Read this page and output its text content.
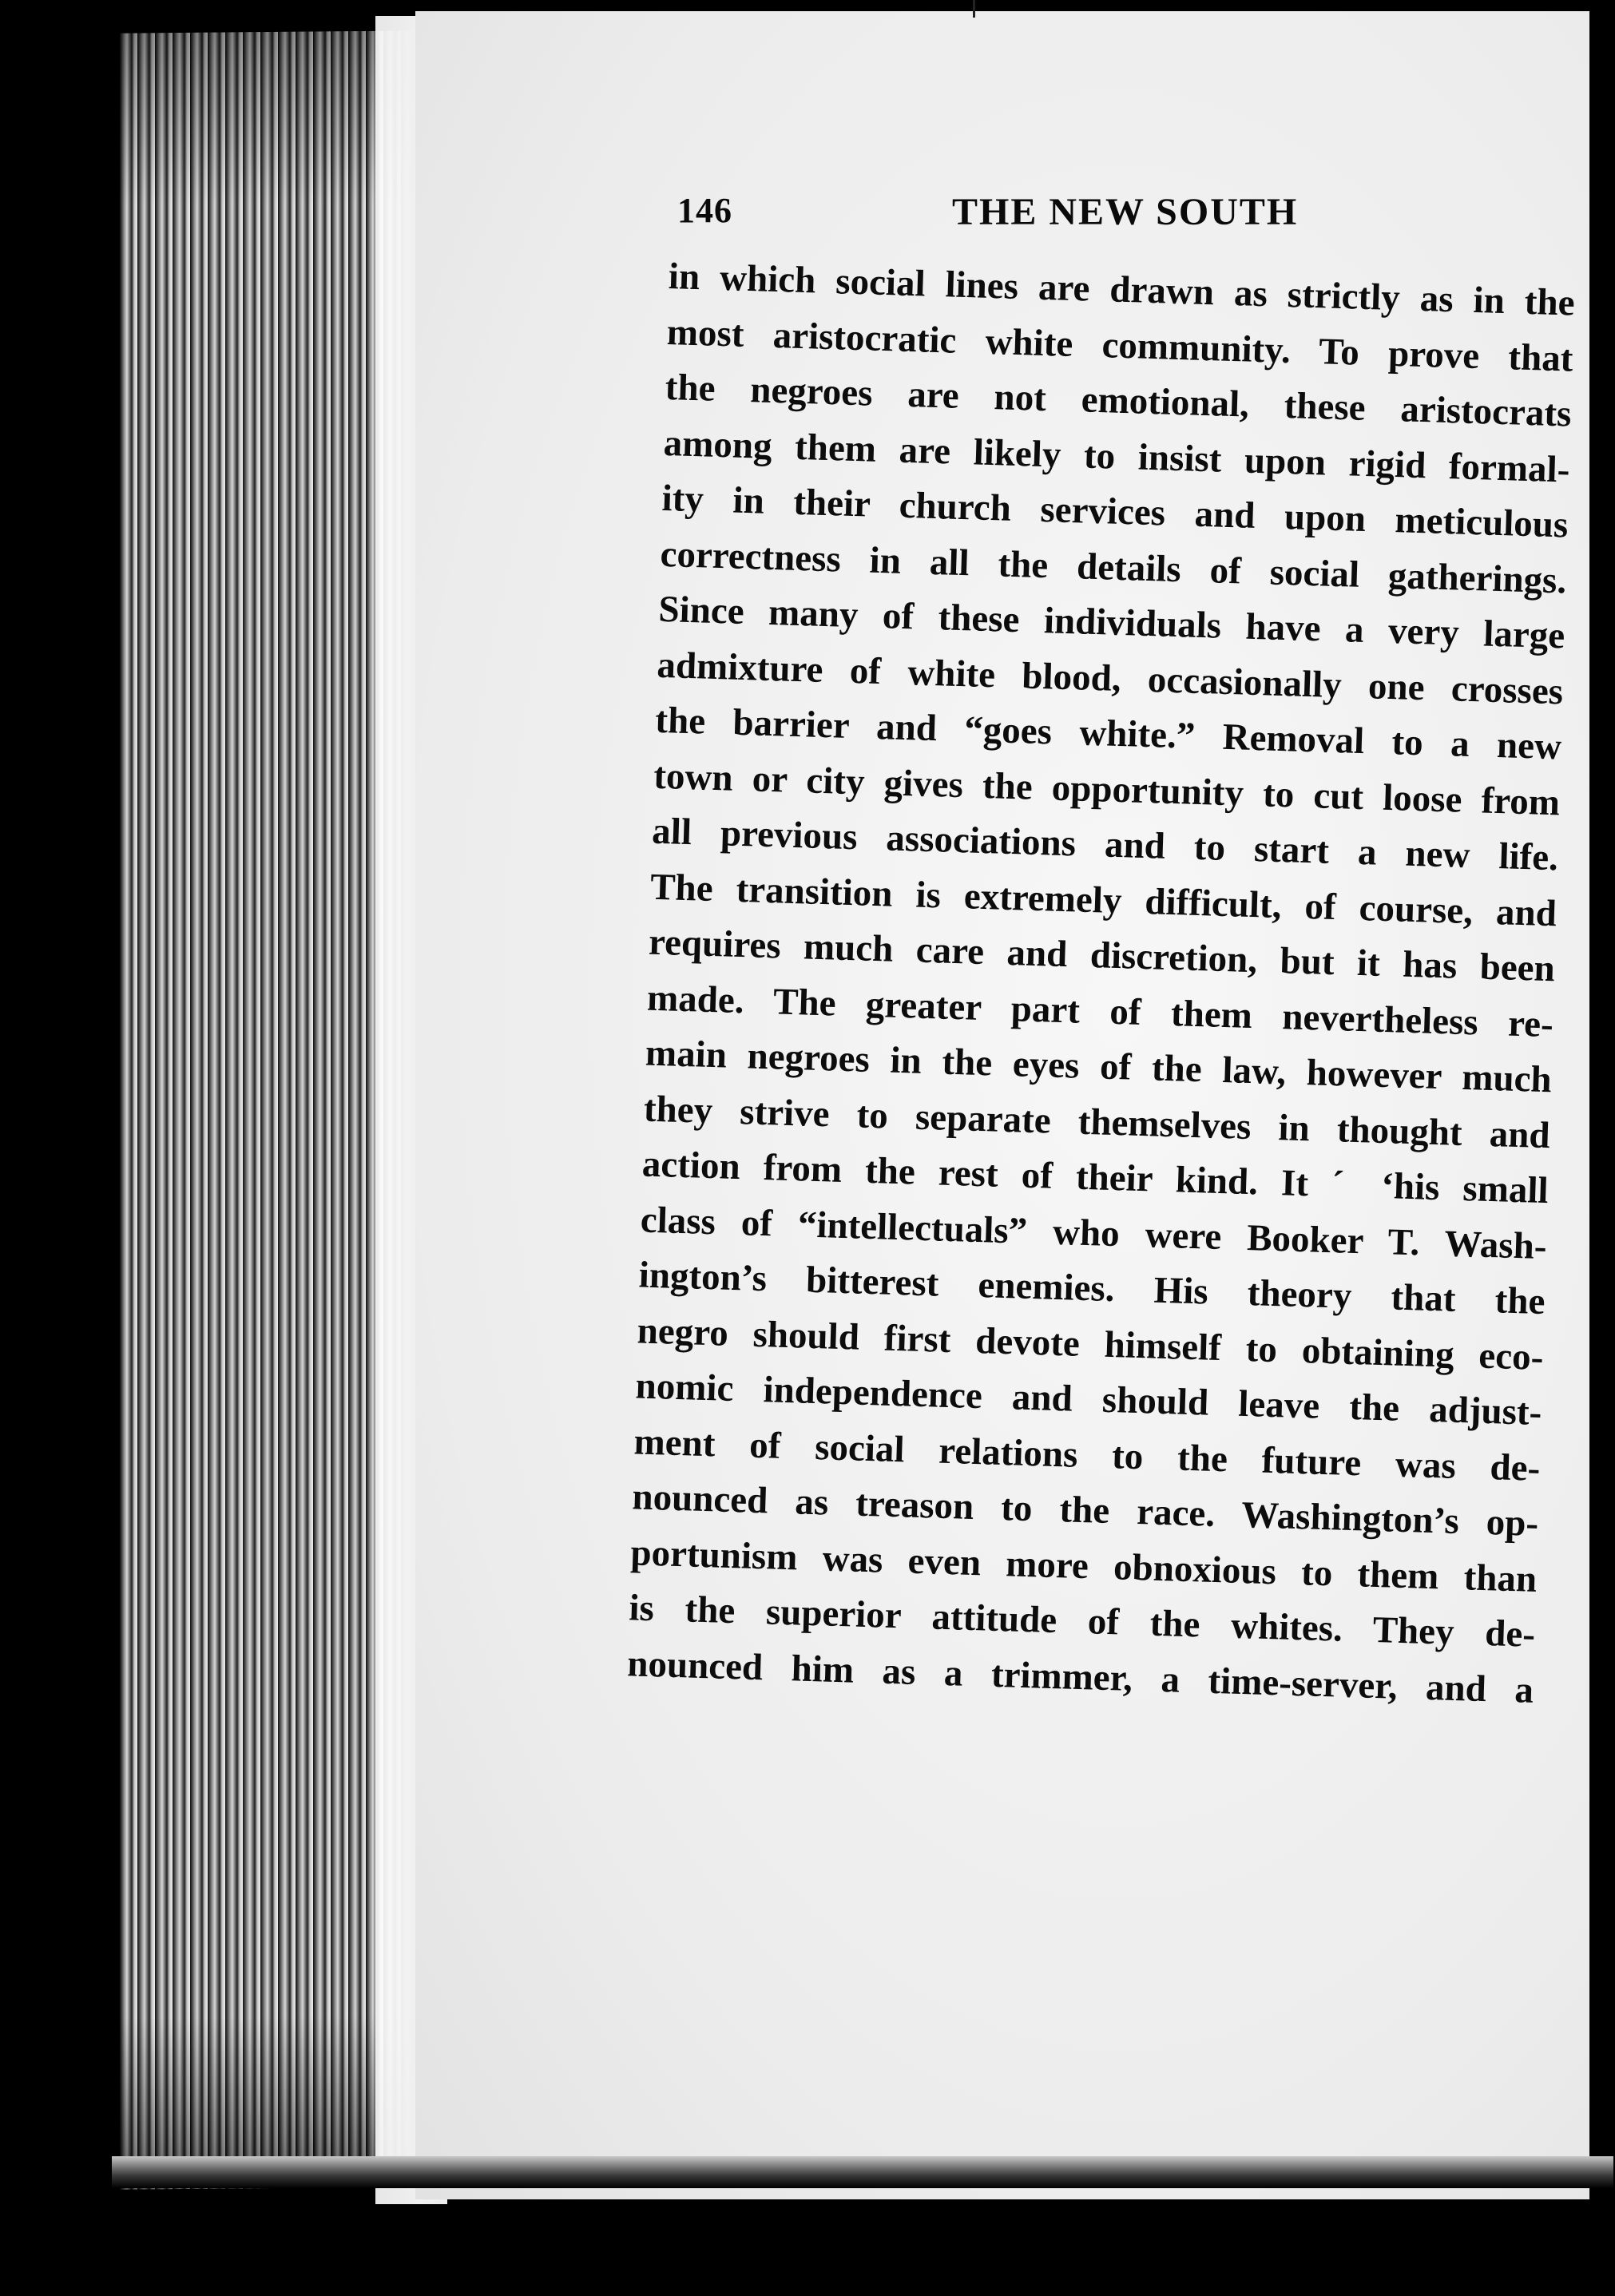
146	THE NEW SOUTH
in which social lines are drawn as strictly as in the
most aristocratic white community. To prove that
the negroes are not emotional, these aristocrats
among them are likely to insist upon rigid formal-
ity in their church services and upon meticulous
correctness in all the details of social gatherings.
Since many of these individuals have a very large
admixture of white blood, occasionally one crosses
the barrier and “goes white.” Removal to a new
town or city gives the opportunity to cut loose from
all previous associations and to start a new life.
The transition is extremely difficult, of course, and
requires much care and discretion, but it has been
made. The greater part of them nevertheless re-
main negroes in the eyes of the law, however much
they strive to separate themselves in thought and
action from the rest of their kind. It ˊ ‘his small
class of “intellectuals” who were Booker T. Wash-
ington’s bitterest enemies. His theory that the
negro should first devote himself to obtaining eco-
nomic independence and should leave the adjust-
ment of social relations to the future was de-
nounced as treason to the race. Washington’s op-
portunism was even more obnoxious to them than
is the superior attitude of the whites. They de-
nounced him as a trimmer, a time-server, and a
